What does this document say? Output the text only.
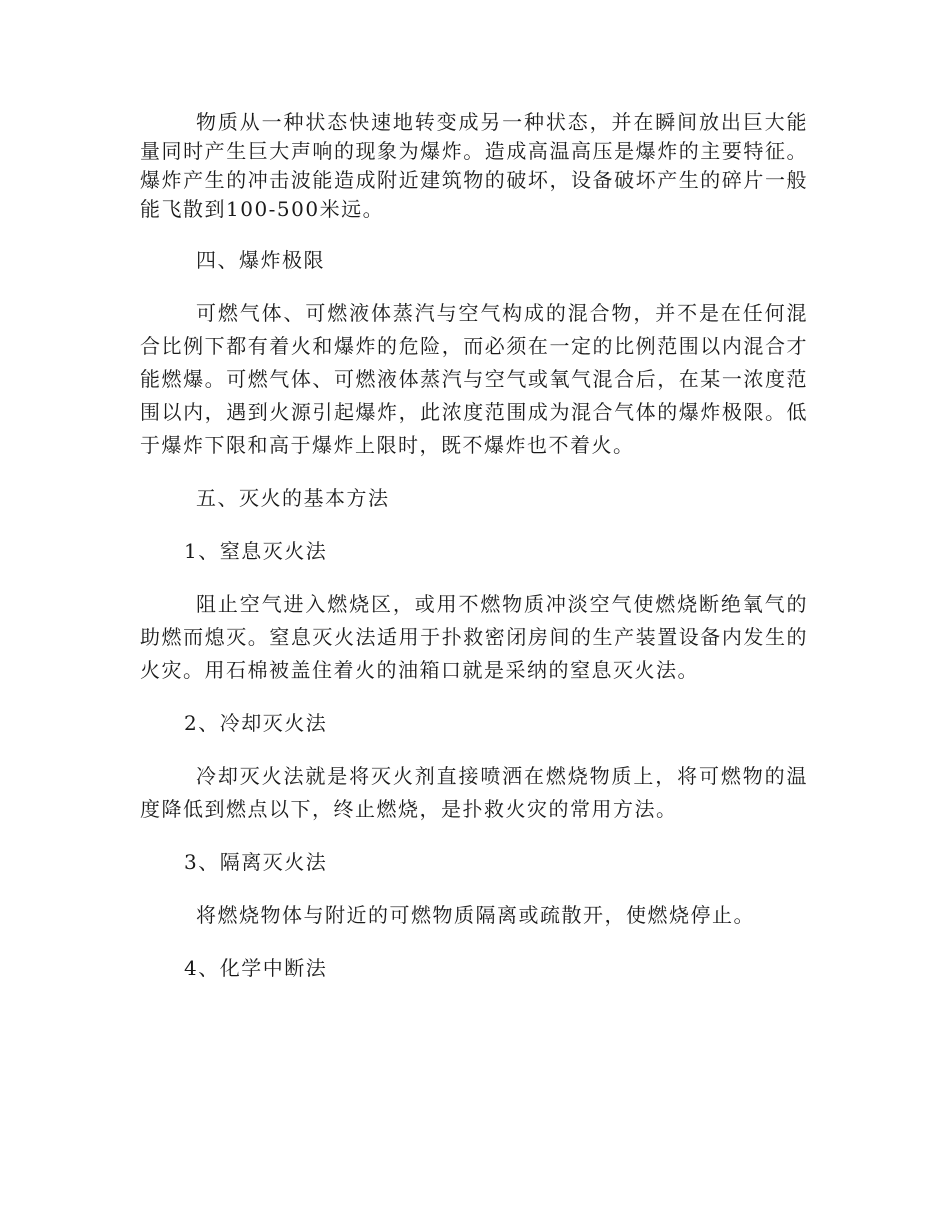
物质从一种状态快速地转变成另一种状态，并在瞬间放出巨大能量同时产生巨大声响的现象为爆炸。造成高温高压是爆炸的主要特征。爆炸产生的冲击波能造成附近建筑物的破坏，设备破坏产生的碎片一般能飞散到100-500米远。

四、爆炸极限

可燃气体、可燃液体蒸汽与空气构成的混合物，并不是在任何混合比例下都有着火和爆炸的危险，而必须在一定的比例范围以内混合才能燃爆。可燃气体、可燃液体蒸汽与空气或氧气混合后，在某一浓度范围以内，遇到火源引起爆炸，此浓度范围成为混合气体的爆炸极限。低于爆炸下限和高于爆炸上限时，既不爆炸也不着火。

五、灭火的基本方法

1、窒息灭火法

阻止空气进入燃烧区，或用不燃物质冲淡空气使燃烧断绝氧气的助燃而熄灭。窒息灭火法适用于扑救密闭房间的生产装置设备内发生的火灾。用石棉被盖住着火的油箱口就是采纳的窒息灭火法。

2、冷却灭火法

冷却灭火法就是将灭火剂直接喷洒在燃烧物质上，将可燃物的温度降低到燃点以下，终止燃烧，是扑救火灾的常用方法。

3、隔离灭火法

将燃烧物体与附近的可燃物质隔离或疏散开，使燃烧停止。

4、化学中断法
